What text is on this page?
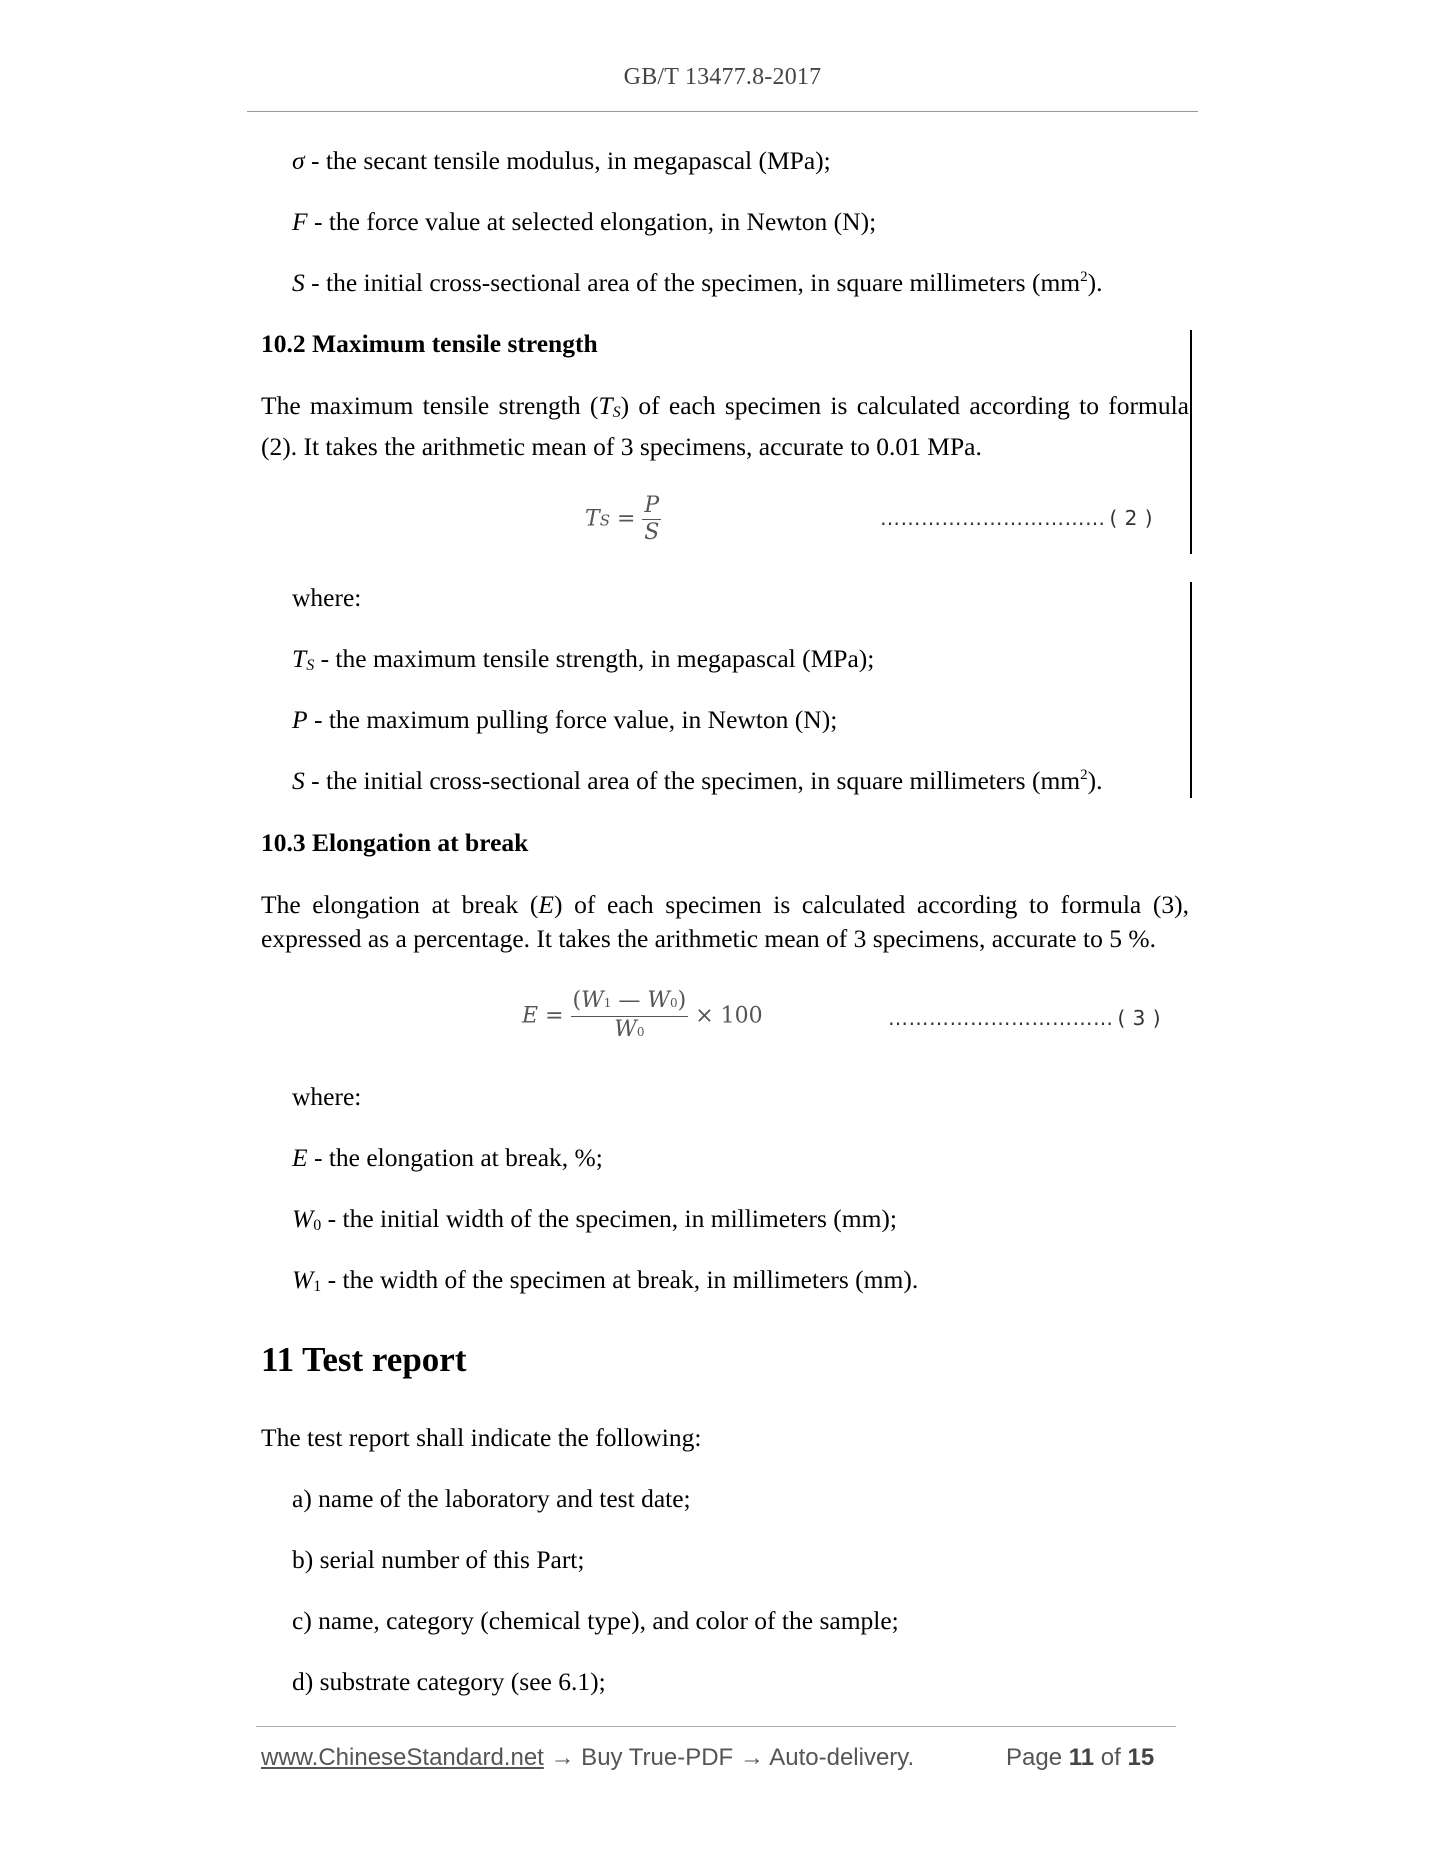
GB/T 13477.8-2017
σ - the secant tensile modulus, in megapascal (MPa);
F - the force value at selected elongation, in Newton (N);
S - the initial cross-sectional area of the specimen, in square millimeters $(mm^2)$.
10.2 Maximum tensile strength
The maximum tensile strength (TS) of each specimen is calculated according to formula (2). It takes the arithmetic mean of 3 specimens, accurate to 0.01 MPa.
TS = $\frac{P}{S}$	…………………………… ( 2 )
where:
TS - the maximum tensile strength, in megapascal (MPa);
P - the maximum pulling force value, in Newton (N);
S - the initial cross-sectional area of the specimen, in square millimeters $(mm^2)$.
10.3 Elongation at break
The elongation at break (E) of each specimen is calculated according to formula (3), expressed as a percentage. It takes the arithmetic mean of 3 specimens, accurate to 5 %.
$E = \frac{(W1 — W0)}{W0} \times 100$	…………………………… ( 3 )
where:
E - the elongation at break, %;
W0 - the initial width of the specimen, in millimeters (mm);
W1 - the width of the specimen at break, in millimeters (mm).
11 Test report
The test report shall indicate the following:
a) name of the laboratory and test date;
b) serial number of this Part;
c) name, category (chemical type), and color of the sample;
d) substrate category (see 6.1);
www.ChineseStandard.net → Buy True-PDF → Auto-delivery.	Page 11 of 15
